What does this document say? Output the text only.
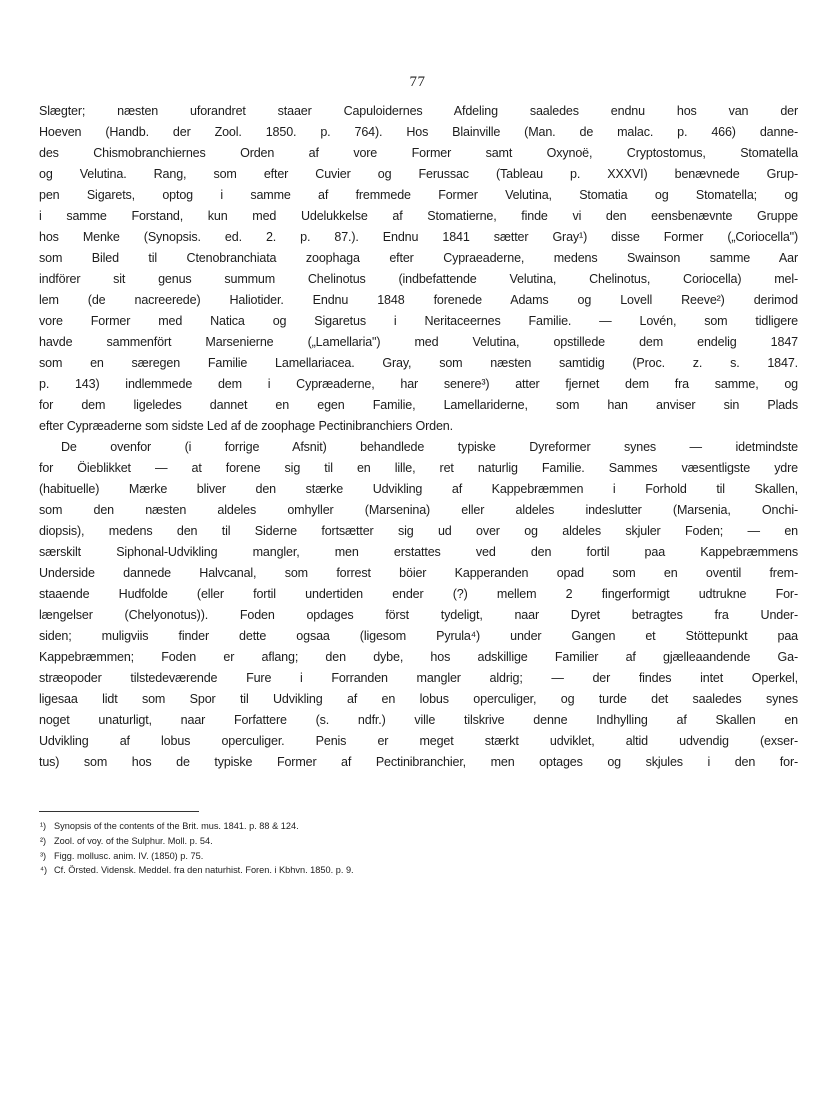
77
Slægter; næsten uforandret staaer Capuloidernes Afdeling saaledes endnu hos van der
Hoeven (Handb. der Zool. 1850. p. 764). Hos Blainville (Man. de malac. p. 466) danne-
des Chismobranchiernes Orden af vore Former samt Oxynoë, Cryptostomus, Stomatella
og Velutina. Rang, som efter Cuvier og Ferussac (Tableau p. XXXVI) benævnede Grup-
pen Sigarets, optog i samme af fremmede Former Velutina, Stomatia og Stomatella; og
i samme Forstand, kun med Udelukkelse af Stomatierne, finde vi den eensbenævnte Gruppe
hos Menke (Synopsis. ed. 2. p. 87.). Endnu 1841 sætter Gray¹) disse Former („Coriocella")
som Biled til Ctenobranchiata zoophaga efter Cypraeaderne, medens Swainson samme Aar
indförer sit genus summum Chelinotus (indbefattende Velutina, Chelinotus, Coriocella) mel-
lem (de nacreerede) Haliotider. Endnu 1848 forenede Adams og Lovell Reeve²) derimod
vore Former med Natica og Sigaretus i Neritaceernes Familie. — Lovén, som tidligere
havde sammenfört Marsenierne („Lamellaria") med Velutina, opstillede dem endelig 1847
som en særegen Familie Lamellariacea. Gray, som næsten samtidig (Proc. z. s. 1847.
p. 143) indlemmede dem i Cypræaderne, har senere³) atter fjernet dem fra samme, og
for dem ligeledes dannet en egen Familie, Lamellariderne, som han anviser sin Plads
efter Cypræaderne som sidste Led af de zoophage Pectinibranchiers Orden.
De ovenfor (i forrige Afsnit) behandlede typiske Dyreformer synes — idetmindste
for Öieblikket — at forene sig til en lille, ret naturlig Familie. Sammes væsentligste ydre
(habituelle) Mærke bliver den stærke Udvikling af Kappebræmmen i Forhold til Skallen,
som den næsten aldeles omhyller (Marsenina) eller aldeles indeslutter (Marsenia, Onchi-
diopsis), medens den til Siderne fortsætter sig ud over og aldeles skjuler Foden; — en
særskilt Siphonal-Udvikling mangler, men erstattes ved den fortil paa Kappebræmmens
Underside dannede Halvcanal, som forrest böier Kapperanden opad som en oventil frem-
staaende Hudfolde (eller fortil undertiden ender (?) mellem 2 fingerformigt udtrukne For-
længelser (Chelyonotus)). Foden opdages först tydeligt, naar Dyret betragtes fra Under-
siden; muligviis finder dette ogsaa (ligesom Pyrula⁴) under Gangen et Stöttepunkt paa
Kappebræmmen; Foden er aflang; den dybe, hos adskillige Familier af gjælleaandende Ga-
stræopoder tilstedeværende Fure i Forranden mangler aldrig; — der findes intet Operkel,
ligesaa lidt som Spor til Udvikling af en lobus operculiger, og turde det saaledes synes
noget unaturligt, naar Forfattere (s. ndfr.) ville tilskrive denne Indhylling af Skallen en
Udvikling af lobus operculiger. Penis er meget stærkt udviklet, altid udvendig (exser-
tus) som hos de typiske Former af Pectinibranchier, men optages og skjules i den for-
¹) Synopsis of the contents of the Brit. mus. 1841. p. 88 & 124.
²) Zool. of voy. of the Sulphur. Moll. p. 54.
³) Figg. mollusc. anim. IV. (1850) p. 75.
⁴) Cf. Örsted. Vidensk. Meddel. fra den naturhist. Foren. i Kbhvn. 1850. p. 9.
